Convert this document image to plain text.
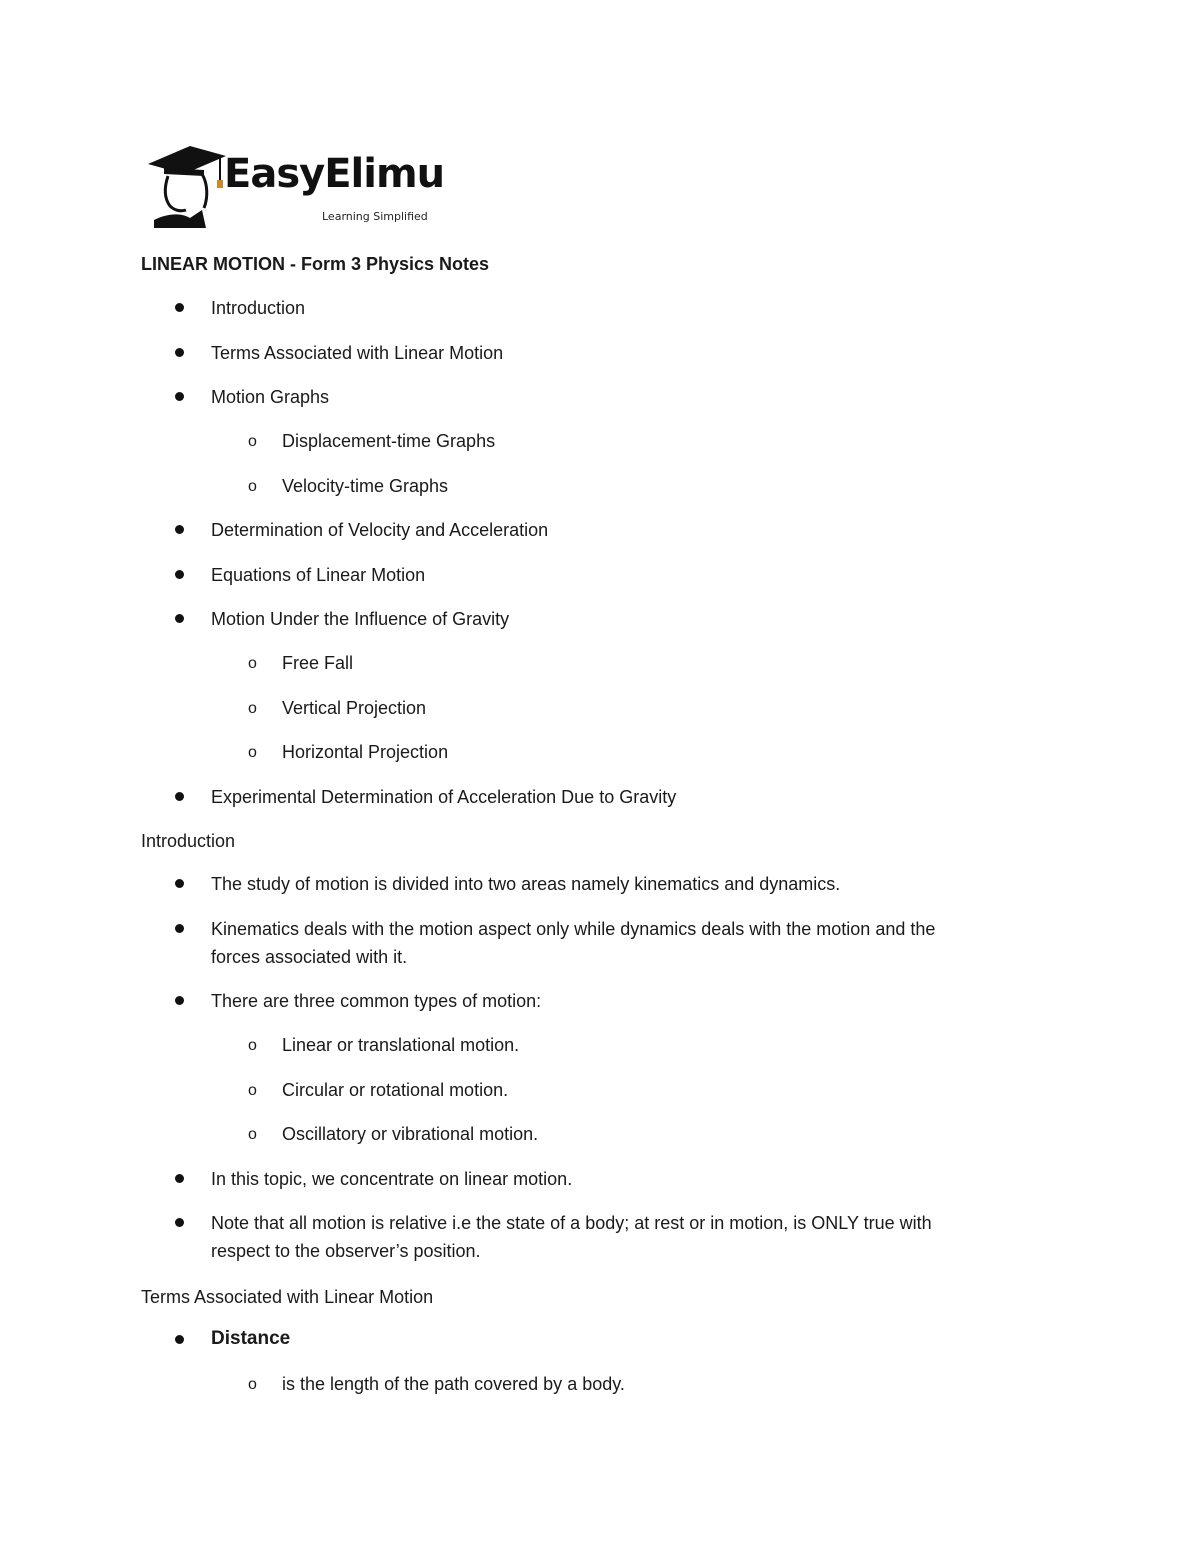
EasyElimu
Learning Simplified
LINEAR MOTION - Form 3 Physics Notes
Introduction
Terms Associated with Linear Motion
Motion Graphs
o Displacement-time Graphs
o Velocity-time Graphs
Determination of Velocity and Acceleration
Equations of Linear Motion
Motion Under the Influence of Gravity
o Free Fall
o Vertical Projection
o Horizontal Projection
Experimental Determination of Acceleration Due to Gravity
Introduction
The study of motion is divided into two areas namely kinematics and dynamics.
Kinematics deals with the motion aspect only while dynamics deals with the motion and the
forces associated with it.
There are three common types of motion:
o Linear or translational motion.
o Circular or rotational motion.
o Oscillatory or vibrational motion.
In this topic, we concentrate on linear motion.
Note that all motion is relative i.e the state of a body; at rest or in motion, is ONLY true with
respect to the observer’s position.
Terms Associated with Linear Motion
Distance
o is the length of the path covered by a body.
